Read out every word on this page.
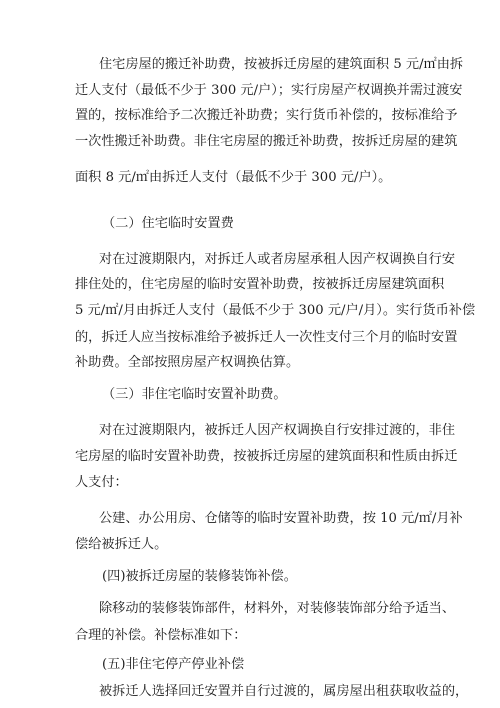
住宅房屋的搬迁补助费，按被拆迁房屋的建筑面积 5 元/㎡由拆
迁人支付（最低不少于 300 元/户）；实行房屋产权调换并需过渡安
置的，按标准给予二次搬迁补助费；实行货币补偿的，按标准给予
一次性搬迁补助费。非住宅房屋的搬迁补助费，按拆迁房屋的建筑
面积 8 元/㎡由拆迁人支付（最低不少于 300 元/户）。
（二）住宅临时安置费
对在过渡期限内，对拆迁人或者房屋承租人因产权调换自行安
排住处的，住宅房屋的临时安置补助费，按被拆迁房屋建筑面积
5 元/㎡/月由拆迁人支付（最低不少于 300 元/户/月）。实行货币补偿
的，拆迁人应当按标准给予被拆迁人一次性支付三个月的临时安置
补助费。全部按照房屋产权调换估算。
（三）非住宅临时安置补助费。
对在过渡期限内，被拆迁人因产权调换自行安排过渡的，非住
宅房屋的临时安置补助费，按被拆迁房屋的建筑面积和性质由拆迁
人支付：
公建、办公用房、仓储等的临时安置补助费，按 10 元/㎡/月补
偿给被拆迁人。
(四)被拆迁房屋的装修装饰补偿。
除移动的装修装饰部件，材料外，对装修装饰部分给予适当、
合理的补偿。补偿标准如下：
(五)非住宅停产停业补偿
被拆迁人选择回迁安置并自行过渡的，属房屋出租获取收益的，
